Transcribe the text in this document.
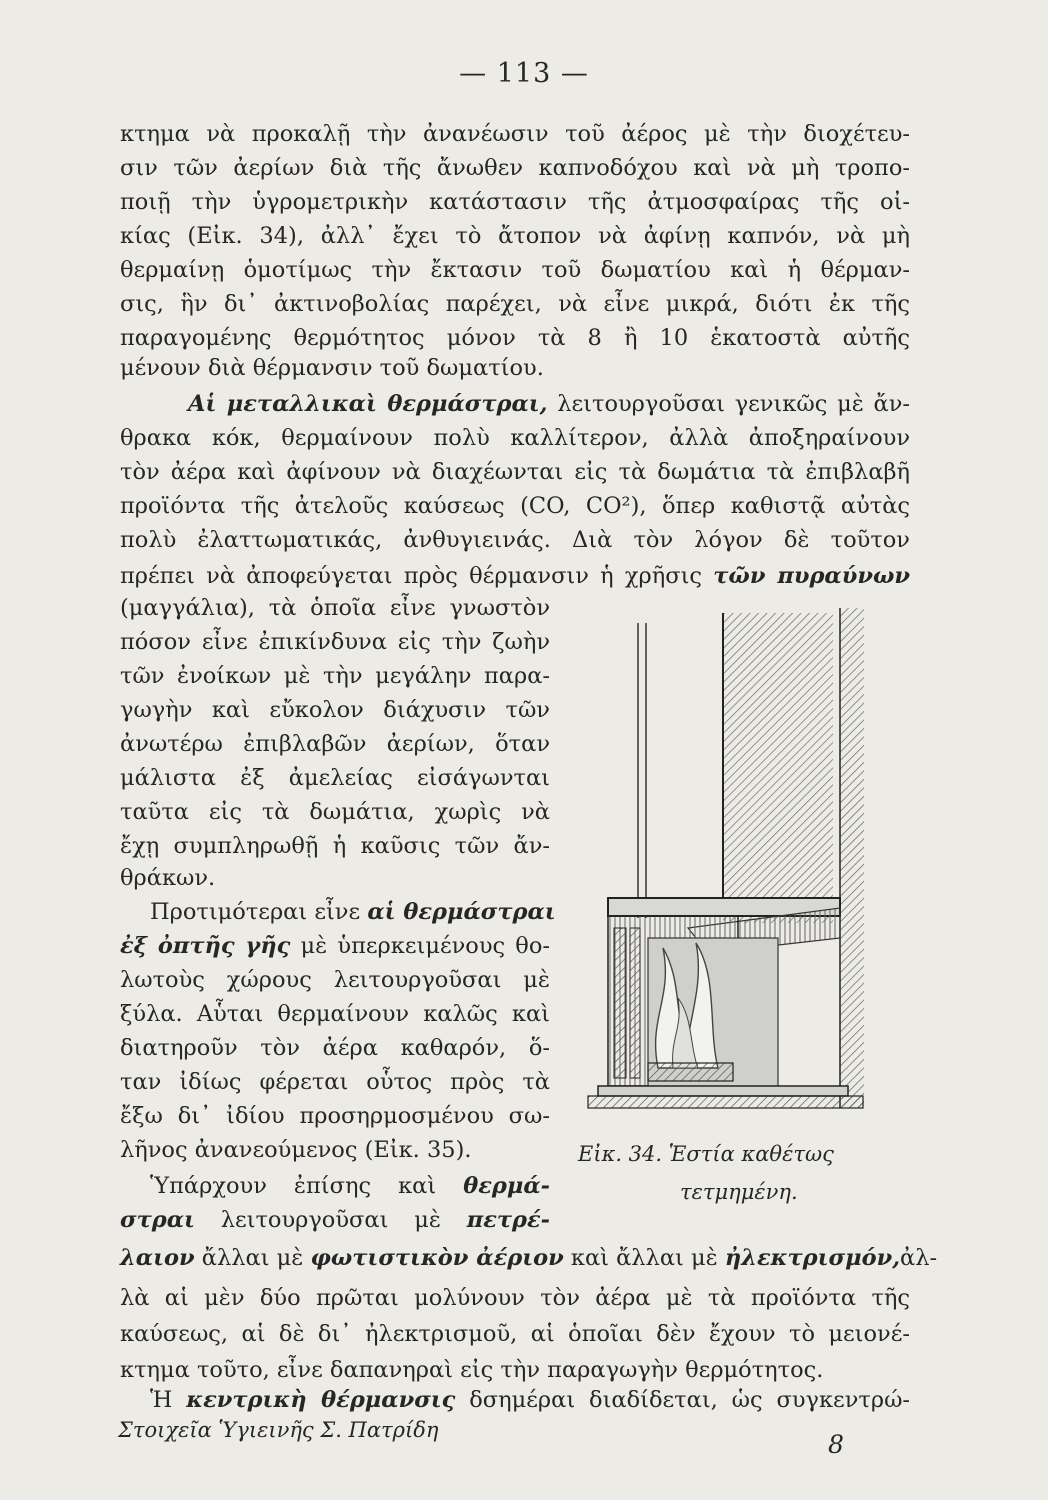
— 113 —
κτημα νὰ προκαλῇ τὴν ἀνανέωσιν τοῦ ἀέρος μὲ τὴν διοχέτευ-
σιν τῶν ἀερίων διὰ τῆς ἄνωθεν καπνοδόχου καὶ νὰ μὴ τροπο-
ποιῇ τὴν ὑγρομετρικὴν κατάστασιν τῆς ἀτμοσφαίρας τῆς οἰ-
κίας (Εἰκ. 34), ἀλλ᾽ ἔχει τὸ ἄτοπον νὰ ἀφίνῃ καπνόν, νὰ μὴ
θερμαίνῃ ὁμοτίμως τὴν ἔκτασιν τοῦ δωματίου καὶ ἡ θέρμαν-
σις, ἣν δι᾽ ἀκτινοβολίας παρέχει, νὰ εἶνε μικρά, διότι ἐκ τῆς
παραγομένης θερμότητος μόνον τὰ 8 ἢ 10 ἑκατοστὰ αὐτῆς
μένουν διὰ θέρμανσιν τοῦ δωματίου.
Αἱ μεταλλικαὶ θερμάστραι, λειτουργοῦσαι γενικῶς μὲ ἄν-
θρακα κόκ, θερμαίνουν πολὺ καλλίτερον, ἀλλὰ ἀποξηραίνουν
τὸν ἀέρα καὶ ἀφίνουν νὰ διαχέωνται εἰς τὰ δωμάτια τὰ ἐπιβλαβῆ
προϊόντα τῆς ἀτελοῦς καύσεως (CO, CO²), ὅπερ καθιστᾷ αὐτὰς
πολὺ ἐλαττωματικάς, ἀνθυγιεινάς. Διὰ τὸν λόγον δὲ τοῦτον
πρέπει νὰ ἀποφεύγεται πρὸς θέρμανσιν ἡ χρῆσις τῶν πυραύνων
(μαγγάλια), τὰ ὁποῖα εἶνε γνωστὸν
πόσον εἶνε ἐπικίνδυνα εἰς τὴν ζωὴν
τῶν ἐνοίκων μὲ τὴν μεγάλην παρα-
γωγὴν καὶ εὔκολον διάχυσιν τῶν
ἀνωτέρω ἐπιβλαβῶν ἀερίων, ὅταν
μάλιστα ἐξ ἀμελείας εἰσάγωνται
ταῦτα εἰς τὰ δωμάτια, χωρὶς νὰ
ἔχῃ συμπληρωθῇ ἡ καῦσις τῶν ἄν-
θράκων.
Προτιμότεραι εἶνε αἱ θερμάστραι
ἐξ ὀπτῆς γῆς μὲ ὑπερκειμένους θο-
λωτοὺς χώρους λειτουργοῦσαι μὲ
ξύλα. Αὗται θερμαίνουν καλῶς καὶ
διατηροῦν τὸν ἀέρα καθαρόν, ὅ-
ταν ἰδίως φέρεται οὗτος πρὸς τὰ
ἔξω δι᾽ ἰδίου προσηρμοσμένου σω-
λῆνος ἀνανεούμενος (Εἰκ. 35).
Ὑπάρχουν ἐπίσης καὶ θερμά-
στραι λειτουργοῦσαι μὲ πετρέ-
λαιον ἄλλαι μὲ φωτιστικὸν ἀέριον καὶ ἄλλαι μὲ ἠλεκτρισμόν,ἀλ-
λὰ αἱ μὲν δύο πρῶται μολύνουν τὸν ἀέρα μὲ τὰ προϊόντα τῆς
καύσεως, αἱ δὲ δι᾽ ἠλεκτρισμοῦ, αἱ ὁποῖαι δὲν ἔχουν τὸ μειονέ-
κτημα τοῦτο, εἶνε δαπανηραὶ εἰς τὴν παραγωγὴν θερμότητος.
Ἡ κεντρικὴ θέρμανσις δσημέραι διαδίδεται, ὡς συγκεντρώ-
Εἰκ. 34. Ἑστία καθέτως
τετμημένη.
Στοιχεῖα Ὑγιεινῆς Σ. Πατρίδη	8
